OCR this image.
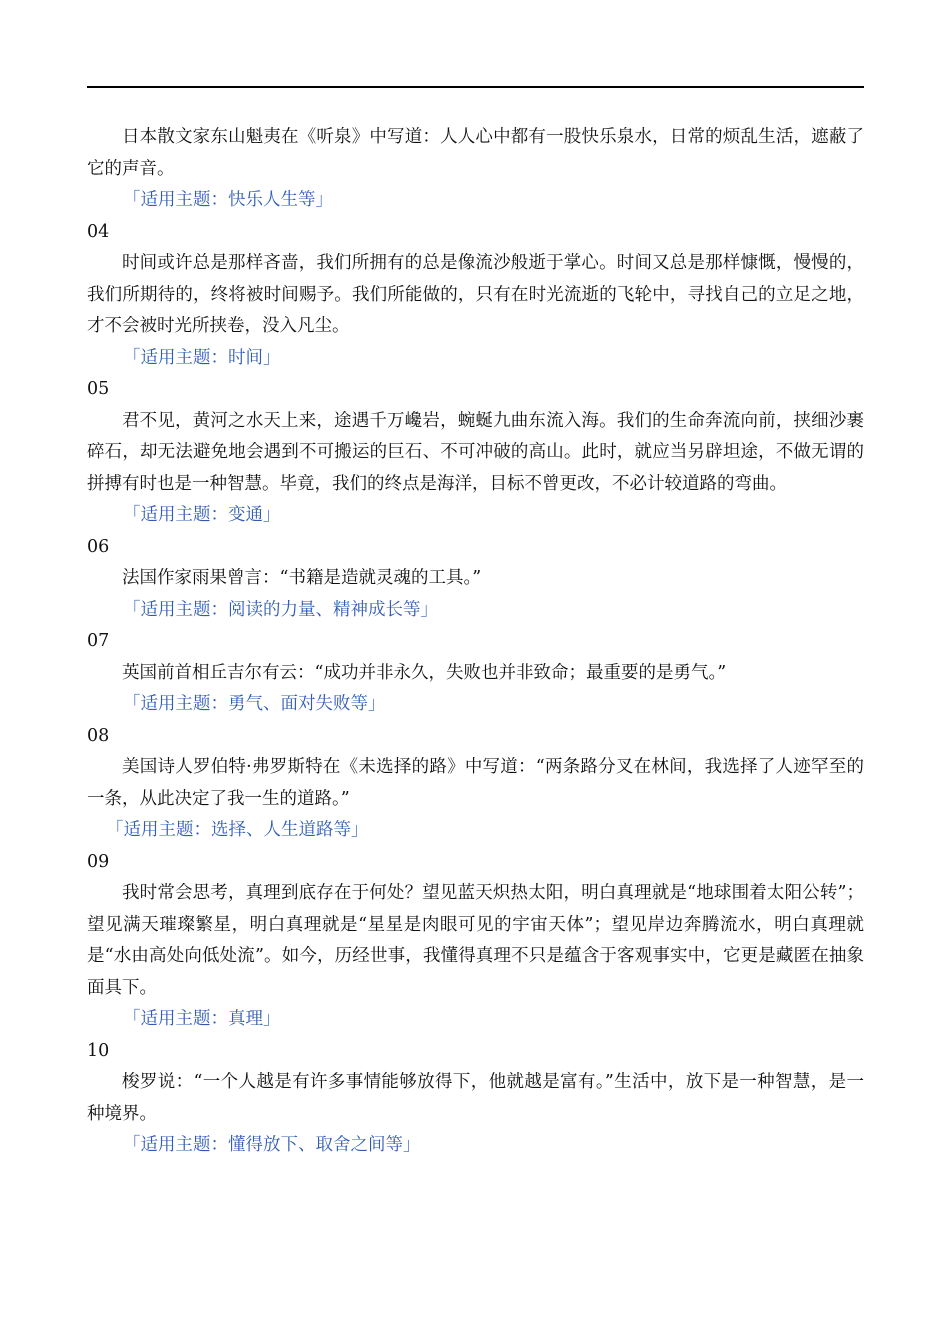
日本散文家东山魁夷在《听泉》中写道：人人心中都有一股快乐泉水，日常的烦乱生活，遮蔽了它的声音。

「适用主题：快乐人生等」

04

时间或许总是那样吝啬，我们所拥有的总是像流沙般逝于掌心。时间又总是那样慷慨，慢慢的，我们所期待的，终将被时间赐予。我们所能做的，只有在时光流逝的飞轮中，寻找自己的立足之地，才不会被时光所挟卷，没入凡尘。

「适用主题：时间」

05

君不见，黄河之水天上来，途遇千万巉岩，蜿蜒九曲东流入海。我们的生命奔流向前，挟细沙裹碎石，却无法避免地会遇到不可搬运的巨石、不可冲破的高山。此时，就应当另辟坦途，不做无谓的拼搏有时也是一种智慧。毕竟，我们的终点是海洋，目标不曾更改，不必计较道路的弯曲。

「适用主题：变通」

06

法国作家雨果曾言：“书籍是造就灵魂的工具。”

「适用主题：阅读的力量、精神成长等」

07

英国前首相丘吉尔有云：“成功并非永久，失败也并非致命；最重要的是勇气。”

「适用主题：勇气、面对失败等」

08

美国诗人罗伯特·弗罗斯特在《未选择的路》中写道：“两条路分叉在林间，我选择了人迹罕至的一条，从此决定了我一生的道路。”

「适用主题：选择、人生道路等」

09

我时常会思考，真理到底存在于何处？望见蓝天炽热太阳，明白真理就是“地球围着太阳公转”；望见满天璀璨繁星，明白真理就是“星星是肉眼可见的宇宙天体”；望见岸边奔腾流水，明白真理就是“水由高处向低处流”。如今，历经世事，我懂得真理不只是蕴含于客观事实中，它更是藏匿在抽象面具下。

「适用主题：真理」

10

梭罗说：“一个人越是有许多事情能够放得下，他就越是富有。”生活中，放下是一种智慧，是一种境界。

「适用主题：懂得放下、取舍之间等」
